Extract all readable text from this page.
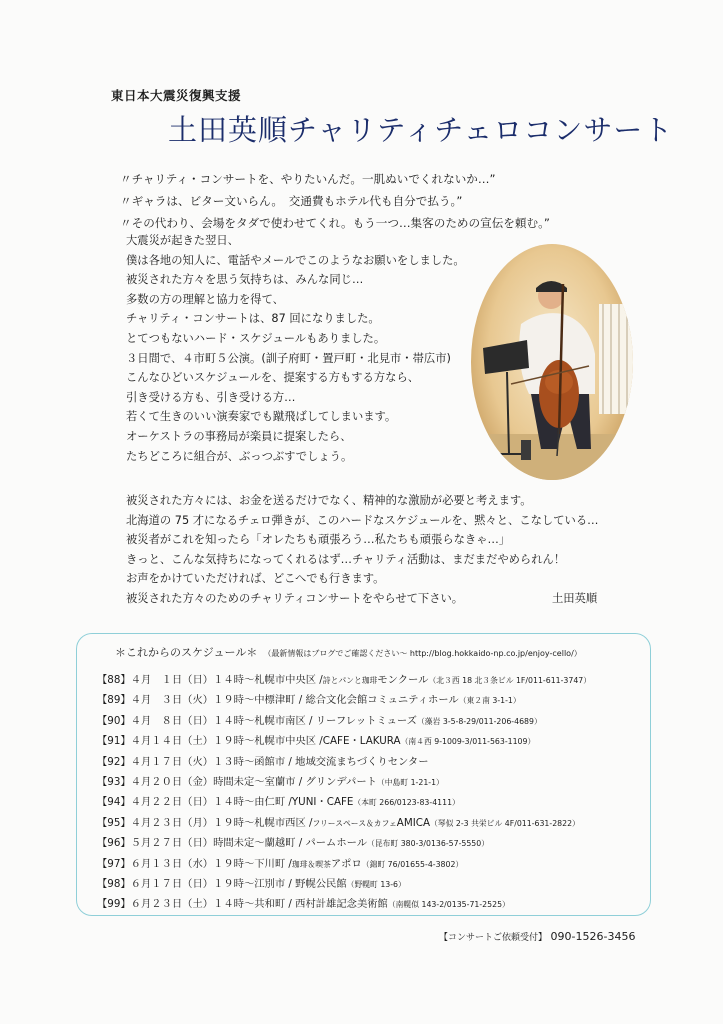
東日本大震災復興支援
土田英順チャリティチェロコンサート
〃チャリティ・コンサートを、やりたいんだ。一肌ぬいでくれないか…”
〃ギャラは、ビター文いらん。　交通費もホテル代も自分で払う。”
〃その代わり、会場をタダで使わせてくれ。もう一つ…集客のための宣伝を頼む。”
大震災が起きた翌日、
僕は各地の知人に、電話やメールでこのようなお願いをしました。
被災された方々を思う気持ちは、みんな同じ…
多数の方の理解と協力を得て、
チャリティ・コンサートは、87 回になりました。
とてつもないハード・スケジュールもありました。
３日間で、４市町５公演。(訓子府町・置戸町・北見市・帯広市)
こんなひどいスケジュールを、提案する方もする方なら、
引き受ける方も、引き受ける方…
若くて生きのいい演奏家でも蹴飛ばしてしまいます。
オーケストラの事務局が楽員に提案したら、
たちどころに組合が、ぶっつぶすでしょう。
被災された方々には、お金を送るだけでなく、精神的な激励が必要と考えます。
北海道の 75 才になるチェロ弾きが、このハードなスケジュールを、黙々と、こなしている…
被災者がこれを知ったら「オレたちも頑張ろう…私たちも頑張らなきゃ…」
きっと、こんな気持ちになってくれるはず…チャリティ活動は、まだまだやめられん！
お声をかけていただければ、どこへでも行きます。
被災された方々のためのチャリティコンサートをやらせて下さい。	土田英順
＊これからのスケジュール＊ （最新情報はブログでご確認ください～ http://blog.hokkaido-np.co.jp/enjoy-cello/）
【88】４月　１日（日）１４時～札幌市中央区 /詩とパンと珈琲モンクール（北３西 18 北３条ビル 1F/011-611-3747）
【89】４月　３日（火）１９時～中標津町 / 総合文化会館コミュニティホール（東２南 3-1-1）
【90】４月　８日（日）１４時～札幌市南区 / リーフレットミューズ（藻岩 3-5-8-29/011-206-4689）
【91】４月１４日（土）１９時～札幌市中央区 /CAFE・LAKURA（南４西 9-1009-3/011-563-1109）
【92】４月１７日（火）１３時～函館市 / 地域交流まちづくりセンター
【93】４月２０日（金）時間未定～室蘭市 / グリンデパート（中島町 1-21-1）
【94】４月２２日（日）１４時～由仁町 /YUNI・CAFE（本町 266/0123-83-4111）
【95】４月２３日（月）１９時～札幌市西区 /フリースペース＆カフェAMICA（琴似 2-3 共栄ビル 4F/011-631-2822）
【96】５月２７日（日）時間未定～蘭越町 / パームホール（昆布町 380-3/0136-57-5550）
【97】６月１３日（水）１９時～下川町 /珈琲＆喫茶アポロ（錦町 76/01655-4-3802）
【98】６月１７日（日）１９時～江別市 / 野幌公民館（野幌町 13-6）
【99】６月２３日（土）１４時～共和町 / 西村計雄記念美術館（南幌似 143-2/0135-71-2525）
【コンサートご依頼受付】 090-1526-3456
